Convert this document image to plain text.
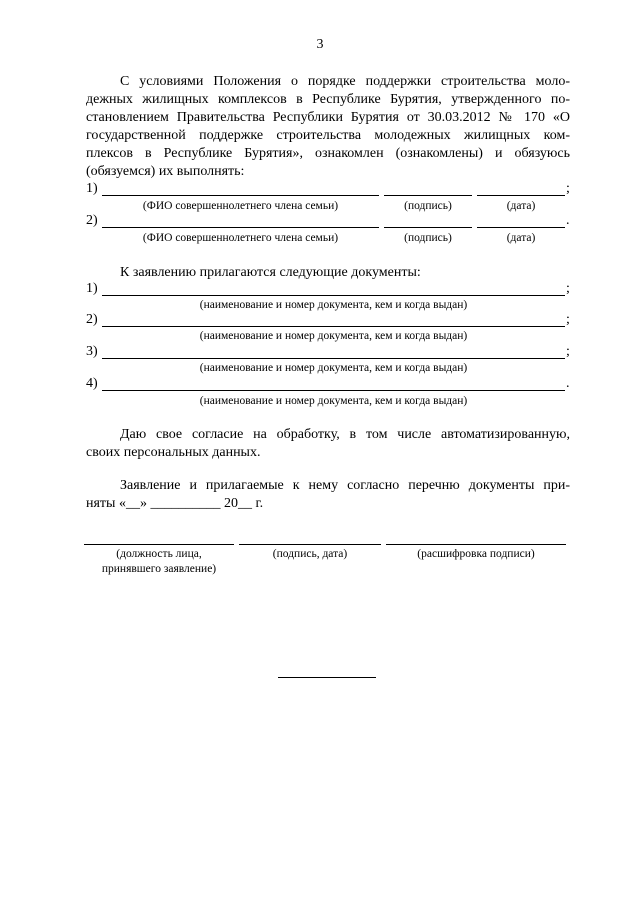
3
С условиями Положения о порядке поддержки строительства моло-
дежных жилищных комплексов в Республике Бурятия, утвержденного по-
становлением Правительства Республики Бурятия от 30.03.2012 № 170 «О
государственной поддержке строительства молодежных жилищных ком-
плексов в Республике Бурятия», ознакомлен (ознакомлены) и обязуюсь
(обязуемся) их выполнять:
1)	;
(ФИО совершеннолетнего члена семьи)	(подпись)	(дата)
2)	.
(ФИО совершеннолетнего члена семьи)	(подпись)	(дата)
К заявлению прилагаются следующие документы:
1)	;
(наименование и номер документа, кем и когда выдан)
2)	;
(наименование и номер документа, кем и когда выдан)
3)	;
(наименование и номер документа, кем и когда выдан)
4)	.
(наименование и номер документа, кем и когда выдан)
Даю свое согласие на обработку, в том числе автоматизированную,
своих персональных данных.
Заявление и прилагаемые к нему согласно перечню документы при-
няты «__» __________ 20__ г.
(должность лица,
принявшего заявление)
(подпись, дата)	(расшифровка подписи)
